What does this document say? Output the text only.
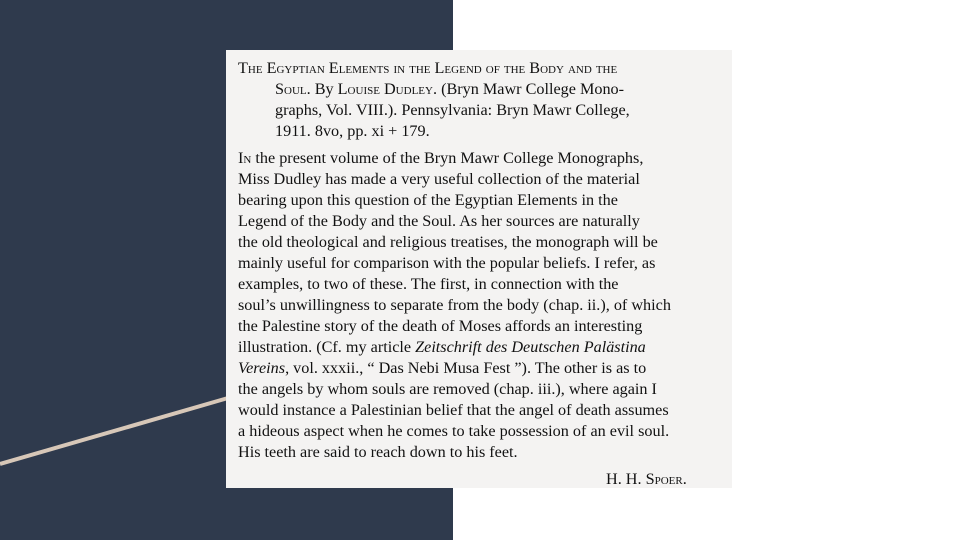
The Egyptian Elements in the Legend of the Body and the
Soul. By Louise Dudley. (Bryn Mawr College Mono-
graphs, Vol. VIII.). Pennsylvania: Bryn Mawr College,
1911. 8vo, pp. xi + 179.
In the present volume of the Bryn Mawr College Monographs,
Miss Dudley has made a very useful collection of the material
bearing upon this question of the Egyptian Elements in the
Legend of the Body and the Soul. As her sources are naturally
the old theological and religious treatises, the monograph will be
mainly useful for comparison with the popular beliefs. I refer, as
examples, to two of these. The first, in connection with the
soul’s unwillingness to separate from the body (chap. ii.), of which
the Palestine story of the death of Moses affords an interesting
illustration. (Cf. my article Zeitschrift des Deutschen Palästina
Vereins, vol. xxxii., “ Das Nebi Musa Fest ”). The other is as to
the angels by whom souls are removed (chap. iii.), where again I
would instance a Palestinian belief that the angel of death assumes
a hideous aspect when he comes to take possession of an evil soul.
His teeth are said to reach down to his feet.
H. H. Spoer.
